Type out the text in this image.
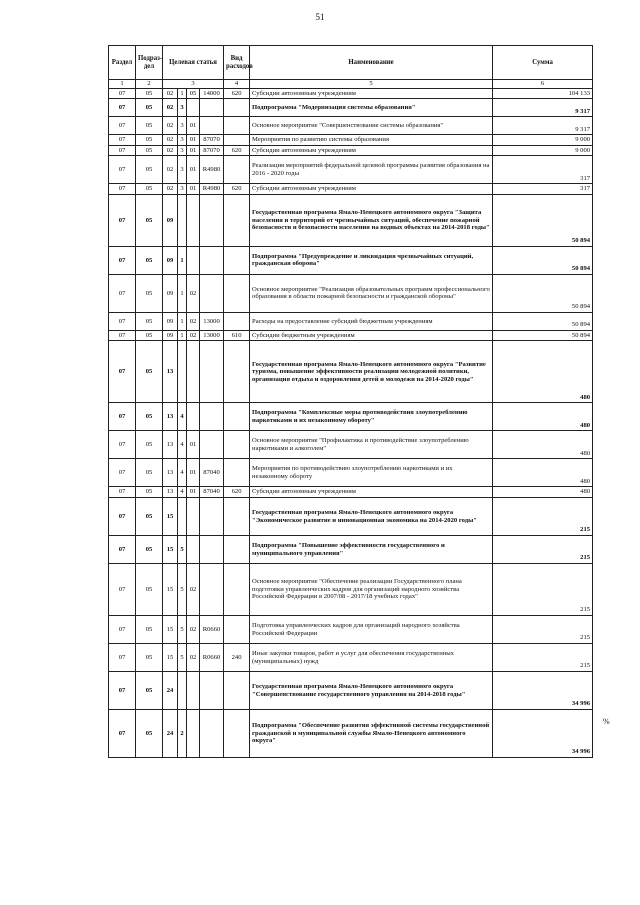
51
Раздел	Подраз-дел	Целевая статья				Вид расходов	Наименование	Сумма
1	2	3				4	5	6
07	05	02	1	05	14000	620	Субсидии автономным учреждениям	104 133
07	05	02	3				Подпрограмма "Модернизация системы образования"	9 317
07	05	02	3	01			Основное мероприятие "Совершенствование системы образования"	9 317
07	05	02	3	01	87070		Мероприятия по развитию системы образования	9 000
07	05	02	3	01	87070	620	Субсидии автономным учреждениям	9 000
07	05	02	3	01	R4980		Реализация мероприятий федеральной целевой программы развития образования на 2016 - 2020 годы	317
07	05	02	3	01	R4980	620	Субсидии автономным учреждениям	317
07	05	09					Государственная программа Ямало-Ненецкого автономного округа "Защита населения и территорий от чрезвычайных ситуаций, обеспечение пожарной безопасности и безопасности населения на водных объектах на 2014-2018 годы"	50 894
07	05	09	1				Подпрограмма "Предупреждение и ликвидация чрезвычайных ситуаций, гражданская оборона"	50 894
07	05	09	1	02			Основное мероприятие "Реализация образовательных программ профессионального образования в области пожарной безопасности и гражданской обороны"	50 894
07	05	09	1	02	13000		Расходы на предоставление субсидий бюджетным учреждениям	50 894
07	05	09	1	02	13000	610	Субсидии бюджетным учреждениям	50 894
07	05	13					Государственная программа Ямало-Ненецкого автономного округа "Развитие туризма, повышение эффективности реализации молодежной политики, организация отдыха и оздоровления детей и молодежи на 2014-2020 годы"	480
07	05	13	4				Подпрограмма "Комплексные меры противодействия злоупотреблению наркотиками и их незаконному обороту"	480
07	05	13	4	01			Основное мероприятие "Профилактика и противодействие злоупотреблению наркотиками и алкоголем"	480
07	05	13	4	01	87040		Мероприятия по противодействию злоупотреблению наркотиками и их незаконному обороту	480
07	05	13	4	01	87040	620	Субсидии автономным учреждениям	480
07	05	15					Государственная программа Ямало-Ненецкого автономного округа "Экономическое развитие и инновационная экономика на 2014-2020 годы"	215
07	05	15	5				Подпрограмма "Повышение эффективности государственного и муниципального управления"	215
07	05	15	5	02			Основное мероприятие "Обеспечение реализации Государственного плана подготовки управленческих кадров для организаций народного хозяйства Российской Федерации в 2007/08 - 2017/18 учебных годах"	215
07	05	15	5	02	R0660		Подготовка управленческих кадров для организаций народного хозяйства Российской Федерации	215
07	05	15	5	02	R0660	240	Иные закупки товаров, работ и услуг для обеспечения государственных (муниципальных) нужд	215
07	05	24					Государственная программа Ямало-Ненецкого автономного округа "Совершенствование государственного управления на 2014-2018 годы"	34 996
07	05	24	2				Подпрограмма "Обеспечение развития эффективной системы государственной гражданской и муниципальной службы Ямало-Ненецкого автономного округа"	34 996
%
